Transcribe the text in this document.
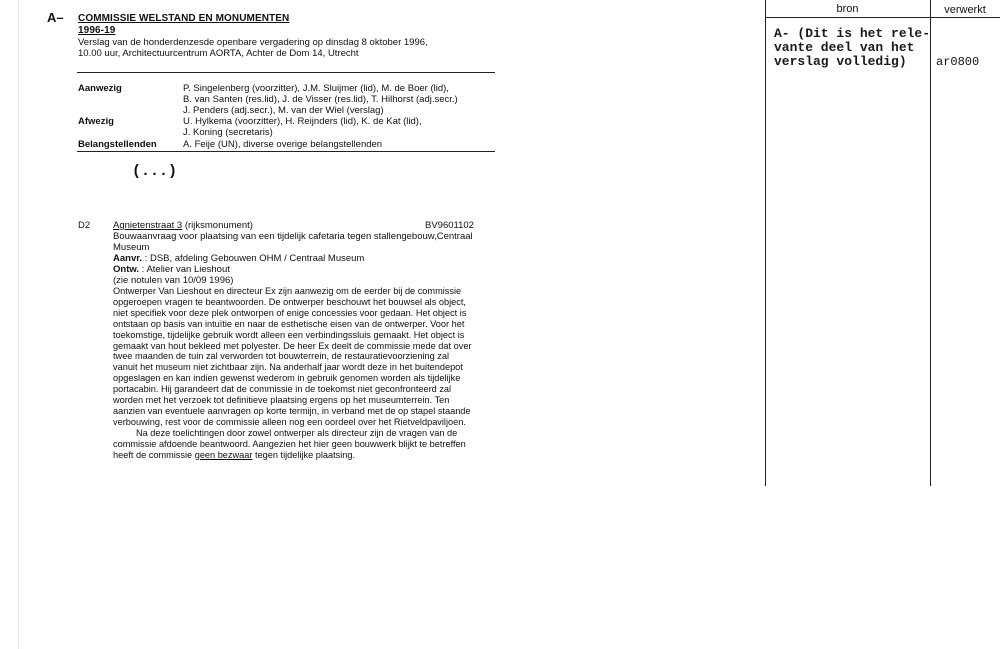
A– COMMISSIE WELSTAND EN MONUMENTEN
1996-19
Verslag van de honderdenzesde openbare vergadering op dinsdag 8 oktober 1996,
10.00 uur, Architectuurcentrum AORTA, Achter de Dom 14, Utrecht
Aanwezig	P. Singelenberg (voorzitter), J.M. Sluijmer (lid), M. de Boer (lid),
B. van Santen (res.lid), J. de Visser (res.lid), T. Hilhorst (adj.secr.)
J. Penders (adj.secr.), M. van der Wiel (verslag)
Afwezig	U. Hylkema (voorzitter), H. Reijnders (lid), K. de Kat (lid),
J. Koning (secretaris)
Belangstellenden	A. Feije (UN), diverse overige belangstellenden
(...)
D2 Agnietenstraat 3 (rijksmonument)	BV9601102
Bouwaanvraag voor plaatsing van een tijdelijk cafetaria tegen stallengebouw,Centraal
Museum
Aanvr. : DSB, afdeling Gebouwen OHM / Centraal Museum
Ontw. : Atelier van Lieshout
(zie notulen van 10/09 1996)
Ontwerper Van Lieshout en directeur Ex zijn aanwezig om de eerder bij de commissie
opgeroepen vragen te beantwoorden. De ontwerper beschouwt het bouwsel als object,
niet specifiek voor deze plek ontworpen of enige concessies voor gedaan. Het object is
ontstaan op basis van intuïtie en naar de esthetische eisen van de ontwerper. Voor het
toekomstige, tijdelijke gebruik wordt alleen een verbindingssluis gemaakt. Het object is
gemaakt van hout bekleed met polyester. De heer Ex deelt de commissie mede dat over
twee maanden de tuin zal verworden tot bouwterrein, de restauratievoorziening zal
vanuit het museum niet zichtbaar zijn. Na anderhalf jaar wordt deze in het buitendepot
opgeslagen en kan indien gewenst wederom in gebruik genomen worden als tijdelijke
portacabin. Hij garandeert dat de commissie in de toekomst niet geconfronteerd zal
worden met het verzoek tot definitieve plaatsing ergens op het museumterrein. Ten
aanzien van eventuele aanvragen op korte termijn, in verband met de op stapel staande
verbouwing, rest voor de commissie alleen nog een oordeel over het Rietveldpaviljoen.
Na deze toelichtingen door zowel ontwerper als directeur zijn de vragen van de
commissie afdoende beantwoord. Aangezien het hier geen bouwwerk blijkt te betreffen
heeft de commissie geen bezwaar tegen tijdelijke plaatsing.
bron	verwerkt
A- (Dit is het rele-
vante deel van het
verslag volledig)	ar0800
